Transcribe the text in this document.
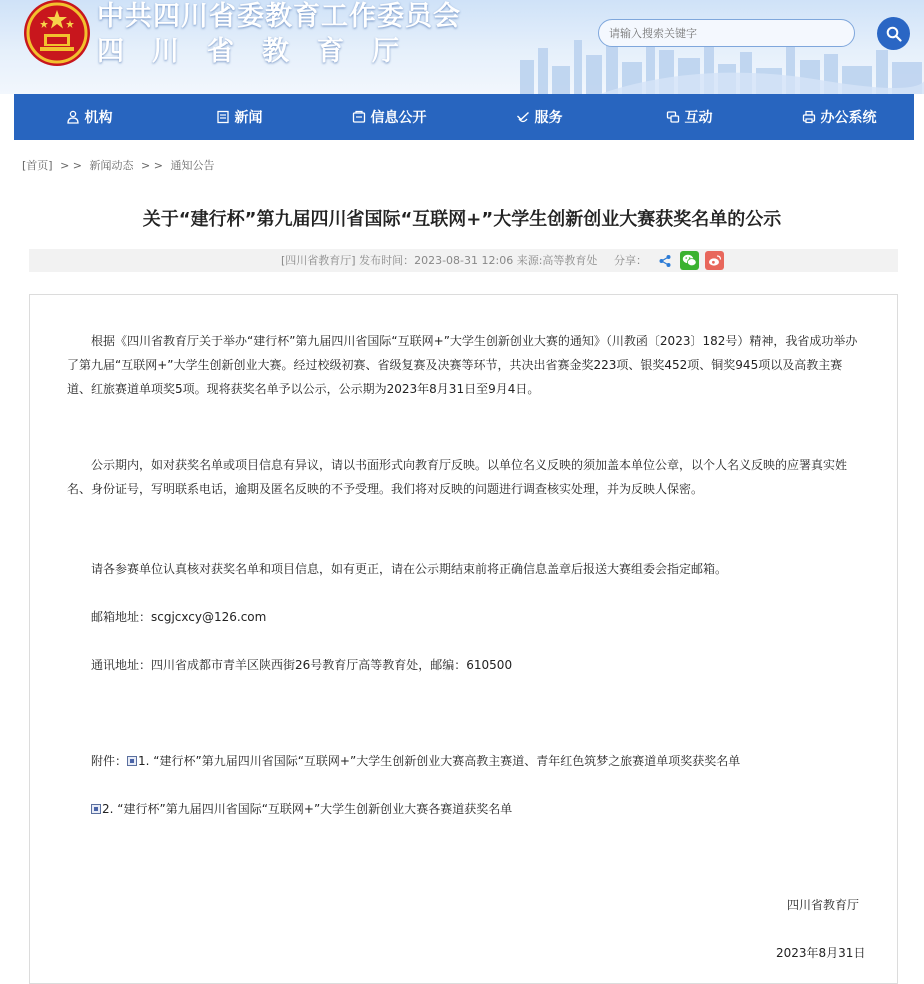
中共四川省委教育工作委员会
四川省教育厅
请输入搜索关键字
机构	新闻	信息公开	服务	互动	办公系统
[首页] > > 新闻动态 > > 通知公告
关于“建行杯”第九届四川省国际“互联网+”大学生创新创业大赛获奖名单的公示
[四川省教育厅] 发布时间：2023-08-31 12:06 来源:高等教育处 分享：
根据《四川省教育厅关于举办“建行杯”第九届四川省国际“互联网+”大学生创新创业大赛的通知》（川教函〔2023〕182号）精神，我省成功举办了第九届“互联网+”大学生创新创业大赛。经过校级初赛、省级复赛及决赛等环节，共决出省赛金奖223项、银奖452项、铜奖945项以及高教主赛道、红旅赛道单项奖5项。现将获奖名单予以公示，公示期为2023年8月31日至9月4日。
公示期内，如对获奖名单或项目信息有异议，请以书面形式向教育厅反映。以单位名义反映的须加盖本单位公章，以个人名义反映的应署真实姓名、身份证号，写明联系电话，逾期及匿名反映的不予受理。我们将对反映的问题进行调查核实处理，并为反映人保密。
请各参赛单位认真核对获奖名单和项目信息，如有更正，请在公示期结束前将正确信息盖章后报送大赛组委会指定邮箱。
邮箱地址：scgjcxcy@126.com
通讯地址：四川省成都市青羊区陕西街26号教育厅高等教育处，邮编：610500
附件： 1. “建行杯”第九届四川省国际“互联网+”大学生创新创业大赛高教主赛道、青年红色筑梦之旅赛道单项奖获奖名单
2. “建行杯”第九届四川省国际“互联网+”大学生创新创业大赛各赛道获奖名单
四川省教育厅
2023年8月31日
